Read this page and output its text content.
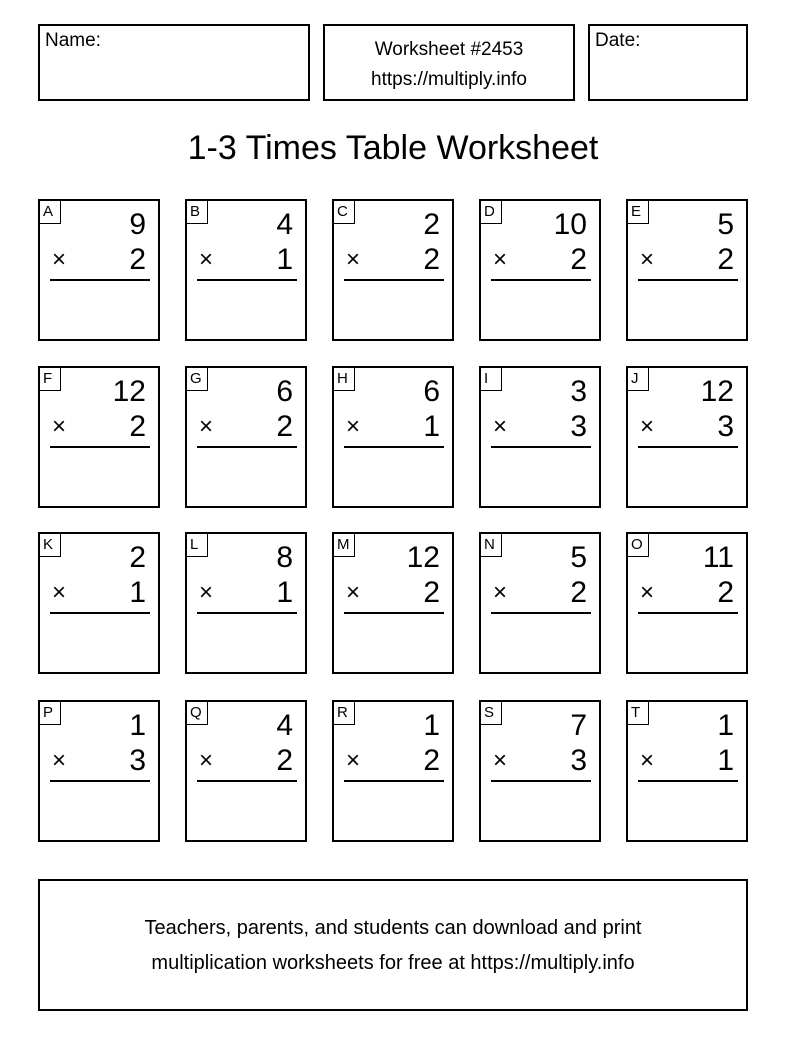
Name:	Worksheet #2453
https://multiply.info
Date:
1-3 Times Table Worksheet
A	9
× 2
B	4
× 1
C	2
× 2
D 10
× 2
E	5
× 2
F 12
× 2
G 6
× 2
H	6
× 1
I	3
× 3
J	12
× 3
K	2
× 1
L	8
× 1
M 12
× 2
N	5
× 2
O 11
× 2
P	1
× 3
Q 4
× 2
R	1
× 2
S	7
× 3
T	1
× 1
Teachers, parents, and students can download and print
multiplication worksheets for free at https://multiply.info
